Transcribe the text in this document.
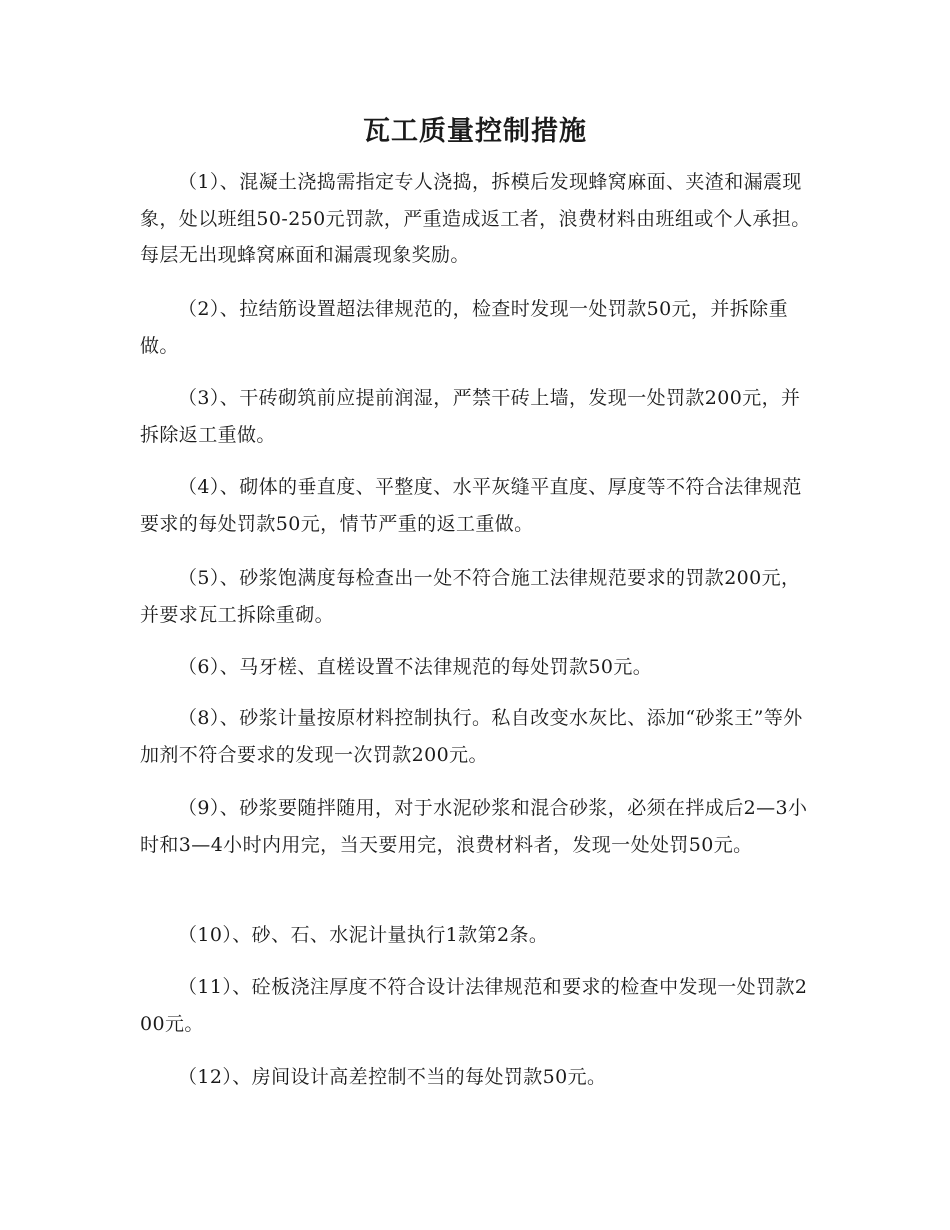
瓦工质量控制措施

（1）、混凝土浇捣需指定专人浇捣，拆模后发现蜂窝麻面、夹渣和漏震现象，处以班组50-250元罚款，严重造成返工者，浪费材料由班组或个人承担。每层无出现蜂窝麻面和漏震现象奖励。

（2）、拉结筋设置超法律规范的，检查时发现一处罚款50元，并拆除重做。

（3）、干砖砌筑前应提前润湿，严禁干砖上墙，发现一处罚款200元，并拆除返工重做。

（4）、砌体的垂直度、平整度、水平灰缝平直度、厚度等不符合法律规范要求的每处罚款50元，情节严重的返工重做。

（5）、砂浆饱满度每检查出一处不符合施工法律规范要求的罚款200元，并要求瓦工拆除重砌。

（6）、马牙槎、直槎设置不法律规范的每处罚款50元。

（8）、砂浆计量按原材料控制执行。私自改变水灰比、添加“砂浆王”等外加剂不符合要求的发现一次罚款200元。

（9）、砂浆要随拌随用，对于水泥砂浆和混合砂浆，必须在拌成后2—3小时和3—4小时内用完，当天要用完，浪费材料者，发现一处处罚50元。

（10）、砂、石、水泥计量执行1款第2条。

（11）、砼板浇注厚度不符合设计法律规范和要求的检查中发现一处罚款200元。

（12）、房间设计高差控制不当的每处罚款50元。
